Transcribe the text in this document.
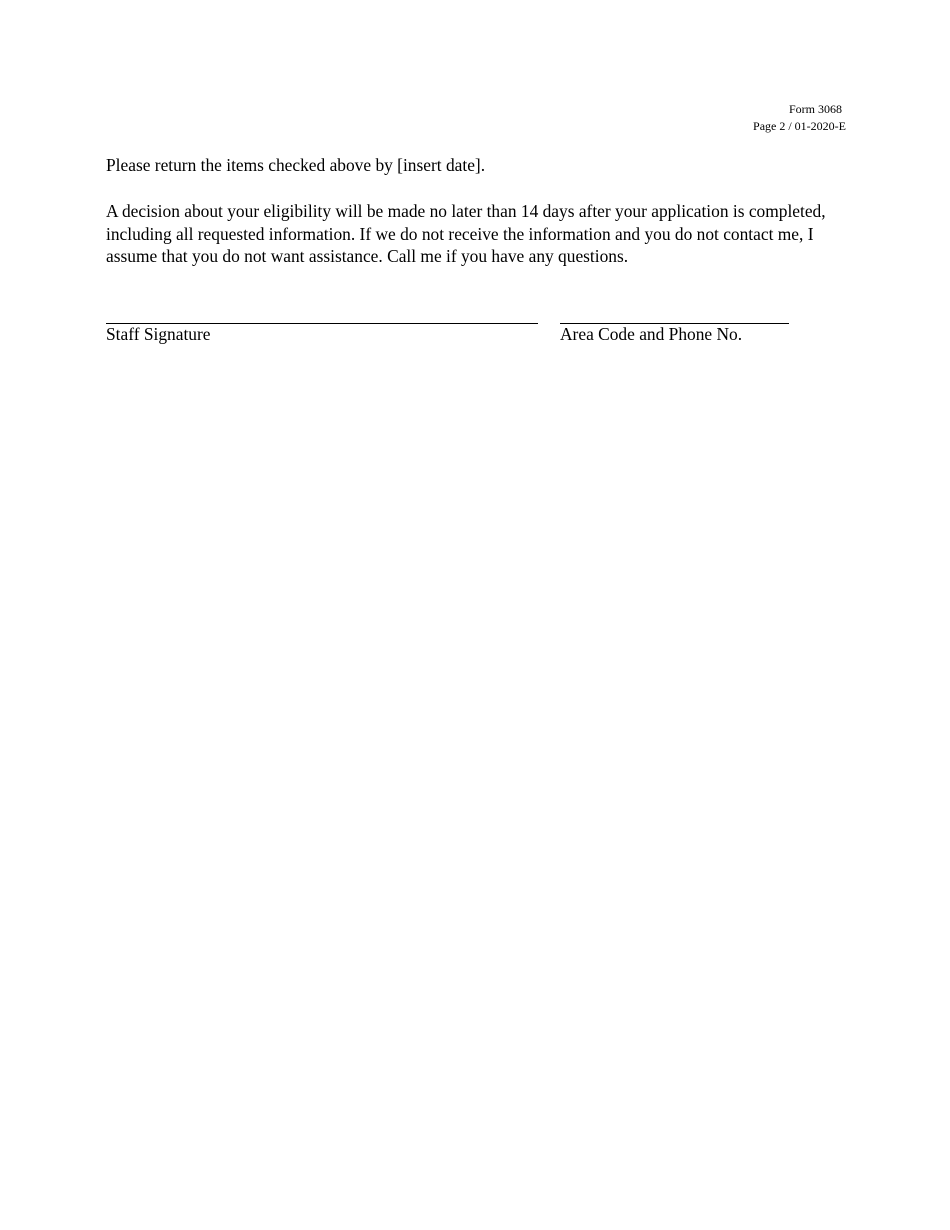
Form 3068
Page 2 / 01-2020-E
Please return the items checked above by [insert date].
A decision about your eligibility will be made no later than 14 days after your application is completed, including all requested information. If we do not receive the information and you do not contact me, I assume that you do not want assistance. Call me if you have any questions.
Staff Signature	Area Code and Phone No.
